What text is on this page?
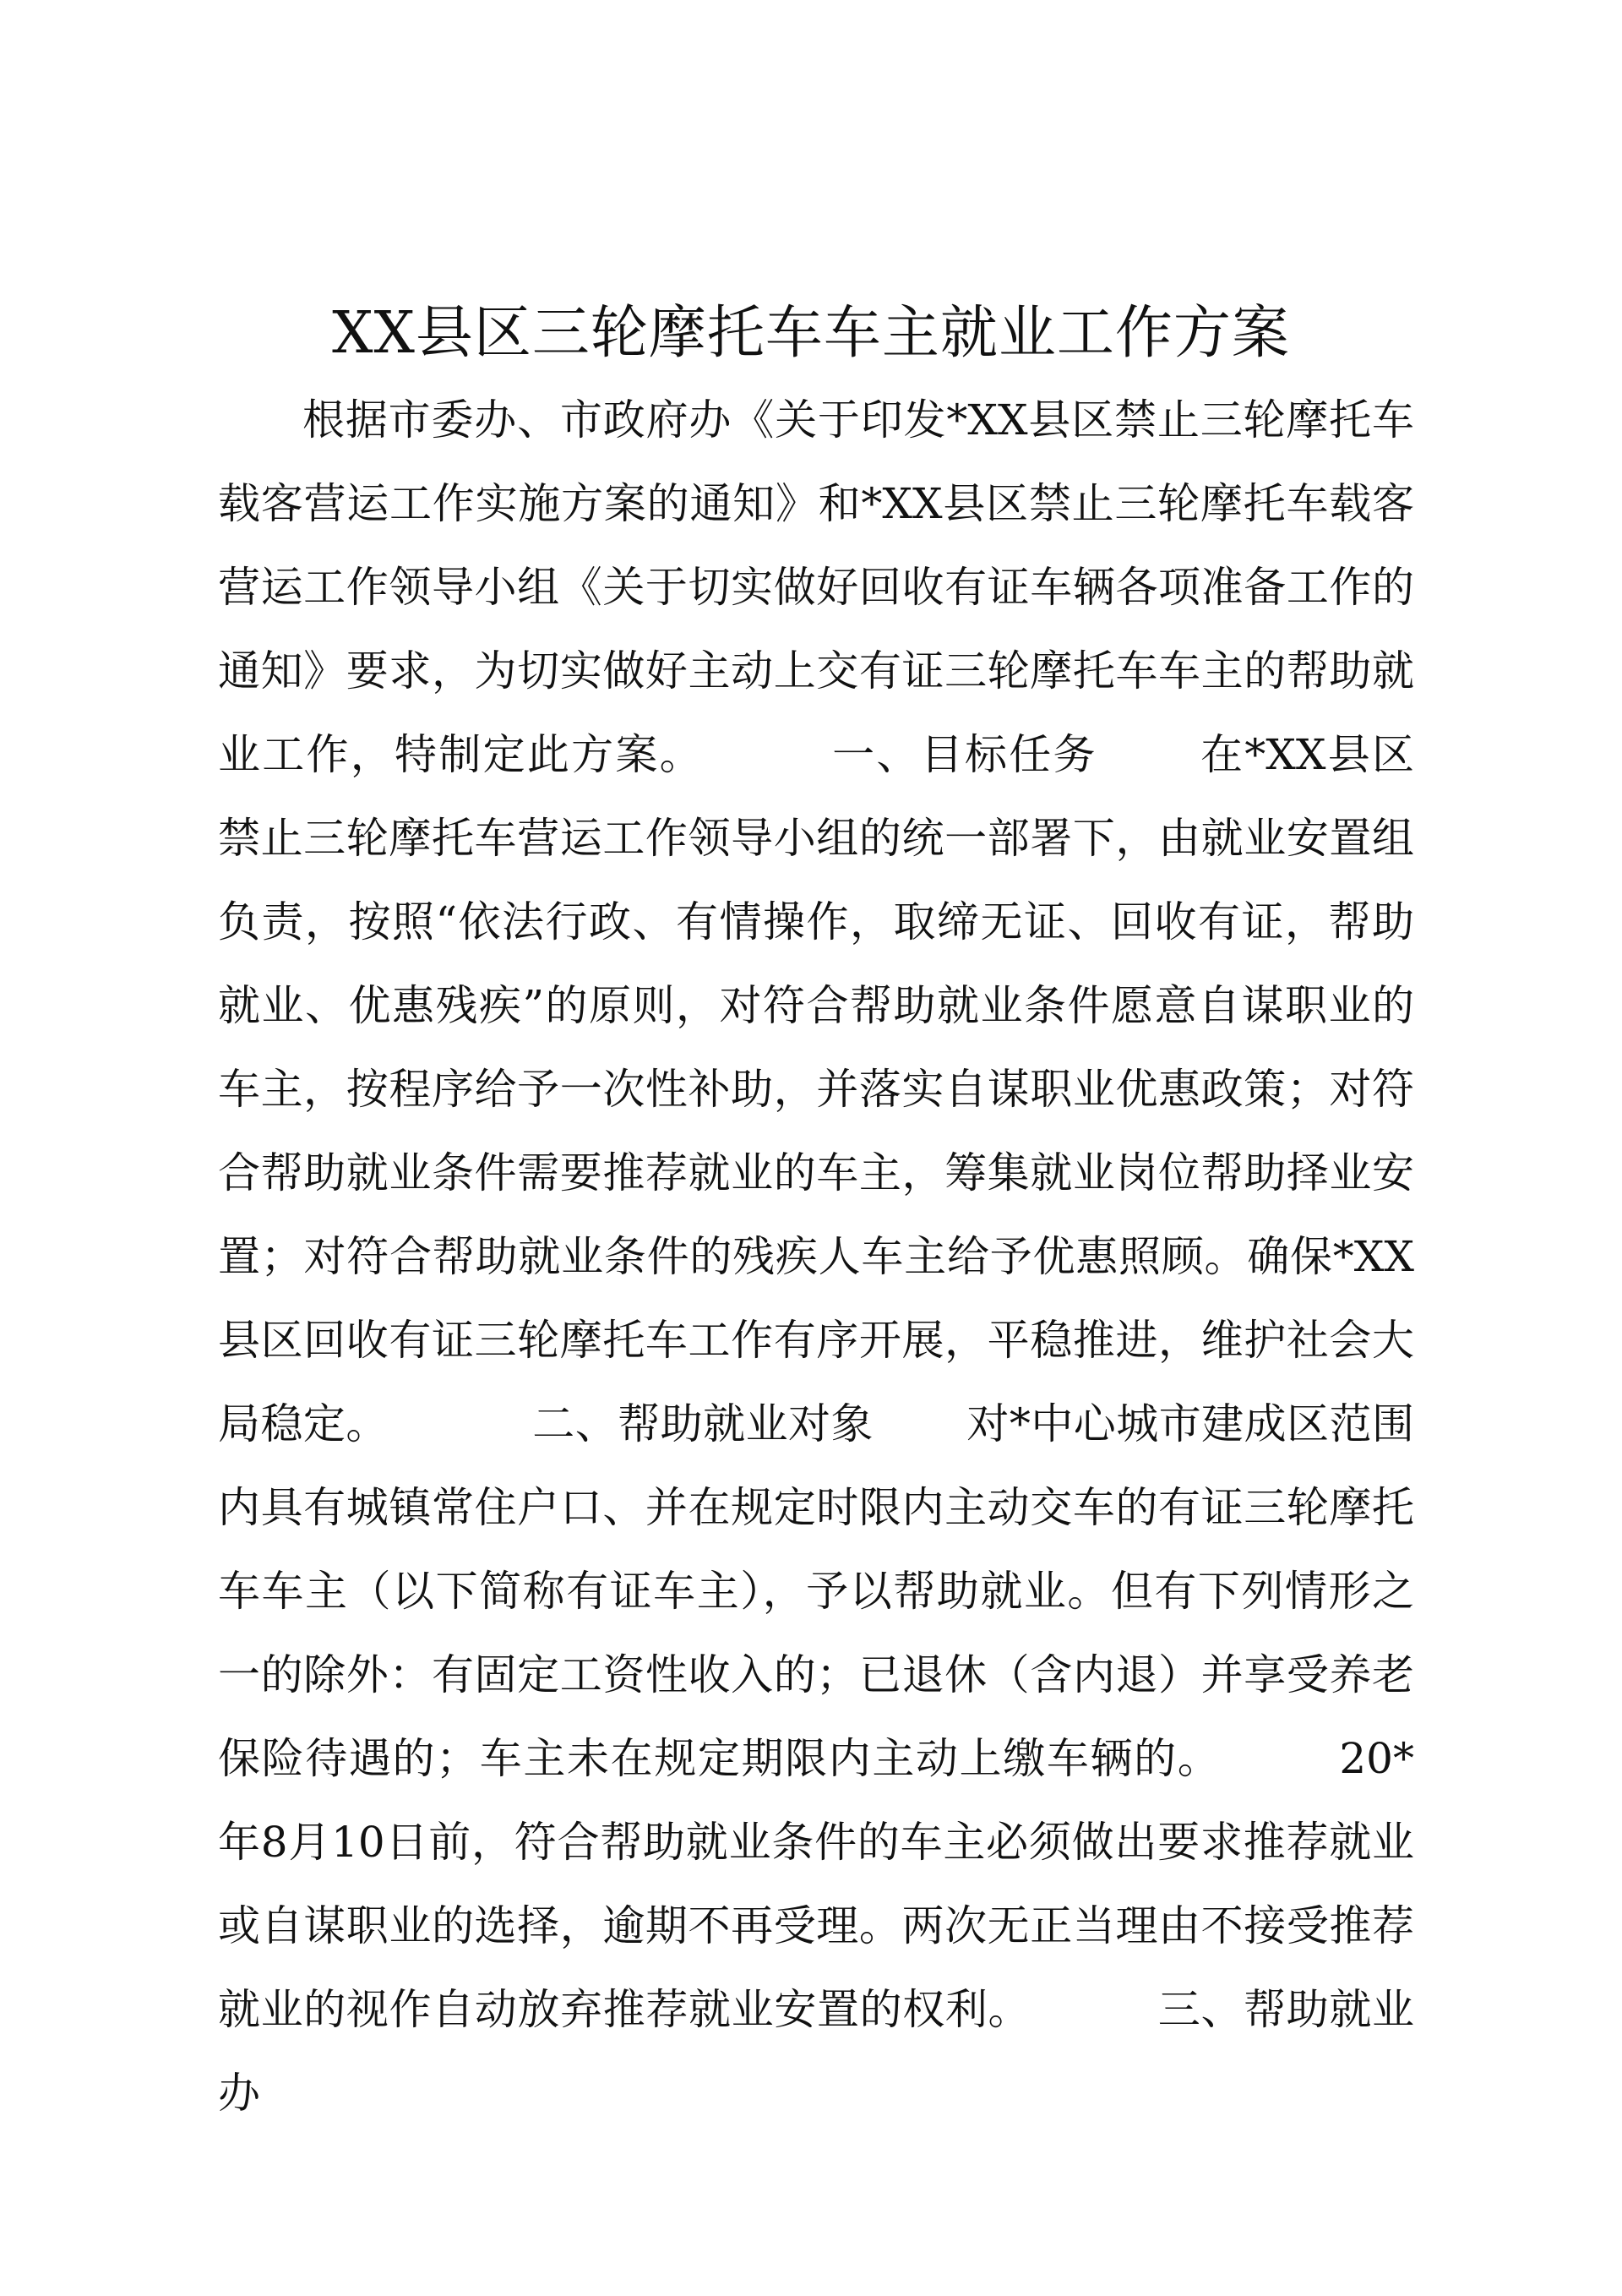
XX县区三轮摩托车车主就业工作方案

根据市委办、市政府办《关于印发*XX县区禁止三轮摩托车载客营运工作实施方案的通知》和*XX县区禁止三轮摩托车载客营运工作领导小组《关于切实做好回收有证车辆各项准备工作的通知》要求，为切实做好主动上交有证三轮摩托车车主的帮助就业工作，特制定此方案。	一、目标任务 在*XX县区禁止三轮摩托车营运工作领导小组的统一部署下，由就业安置组负责，按照“依法行政、有情操作，取缔无证、回收有证，帮助就业、优惠残疾”的原则，对符合帮助就业条件愿意自谋职业的车主，按程序给予一次性补助，并落实自谋职业优惠政策；对符合帮助就业条件需要推荐就业的车主，筹集就业岗位帮助择业安置；对符合帮助就业条件的残疾人车主给予优惠照顾。确保*XX县区回收有证三轮摩托车工作有序开展，平稳推进，维护社会大局稳定。	二、帮助就业对象 对*中心城市建成区范围内具有城镇常住户口、并在规定时限内主动交车的有证三轮摩托车车主（以下简称有证车主），予以帮助就业。但有下列情形之一的除外：有固定工资性收入的；已退休（含内退）并享受养老保险待遇的；车主未在规定期限内主动上缴车辆的。	20*年8月10日前，符合帮助就业条件的车主必须做出要求推荐就业或自谋职业的选择，逾期不再受理。两次无正当理由不接受推荐就业的视作自动放弃推荐就业安置的权利。	三、帮助就业办
